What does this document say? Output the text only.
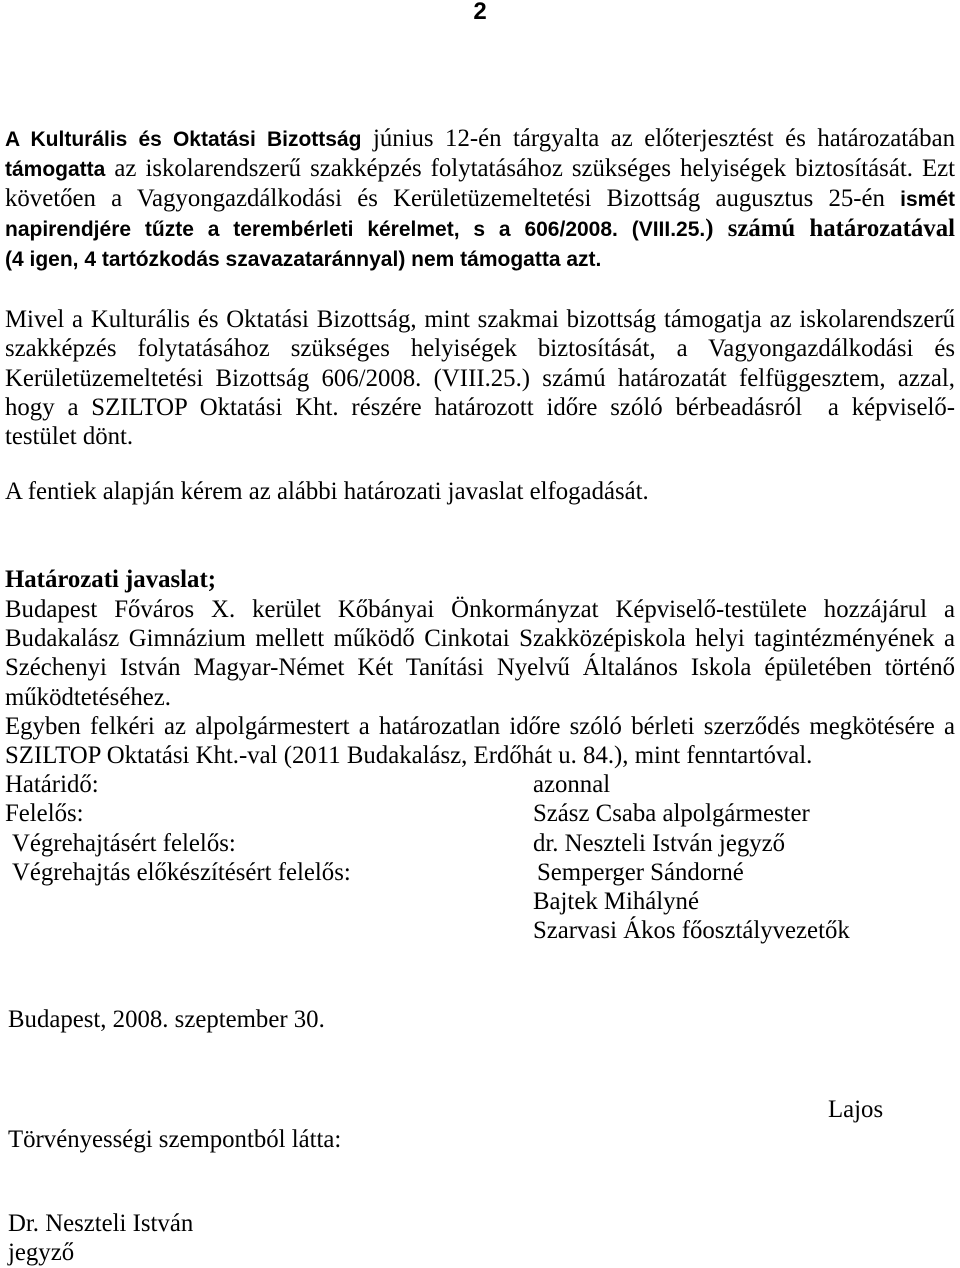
2
A Kulturális és Oktatási Bizottság június 12-én tárgyalta az előterjesztést és határozatában
támogatta az iskolarendszerű szakképzés folytatásához szükséges helyiségek biztosítását. Ezt
követően a Vagyongazdálkodási és Kerületüzemeltetési Bizottság augusztus 25-én ismét
napirendjére tűzte a terembérleti kérelmet, s a 606/2008. (VIII.25.) számú határozatával
(4 igen, 4 tartózkodás szavazataránnyal) nem támogatta azt.
Mivel a Kulturális és Oktatási Bizottság, mint szakmai bizottság támogatja az iskolarendszerű
szakképzés folytatásához szükséges helyiségek biztosítását, a Vagyongazdálkodási és
Kerületüzemeltetési Bizottság 606/2008. (VIII.25.) számú határozatát felfüggesztem, azzal,
hogy a SZILTOP Oktatási Kht. részére határozott időre szóló bérbeadásról  a képviselő-
testület dönt.
A fentiek alapján kérem az alábbi határozati javaslat elfogadását.
Határozati javaslat;
Budapest Főváros X. kerület Kőbányai Önkormányzat Képviselő-testülete hozzájárul a
Budakalász Gimnázium mellett működő Cinkotai Szakközépiskola helyi tagintézményének a
Széchenyi István Magyar-Német Két Tanítási Nyelvű Általános Iskola épületében történő
működtetéséhez.
Egyben felkéri az alpolgármestert a határozatlan időre szóló bérleti szerződés megkötésére a
SZILTOP Oktatási Kht.-val (2011 Budakalász, Erdőhát u. 84.), mint fenntartóval.
Határidő:	azonnal
Felelős:	Szász Csaba alpolgármester
Végrehajtásért felelős:	dr. Neszteli István jegyző
Végrehajtás előkészítésért felelős:	Semperger Sándorné
Bajtek Mihályné
Szarvasi Ákos főosztályvezetők
Budapest, 2008. szeptember 30.
Lajos
Törvényességi szempontból látta:
Dr. Neszteli István
jegyző
